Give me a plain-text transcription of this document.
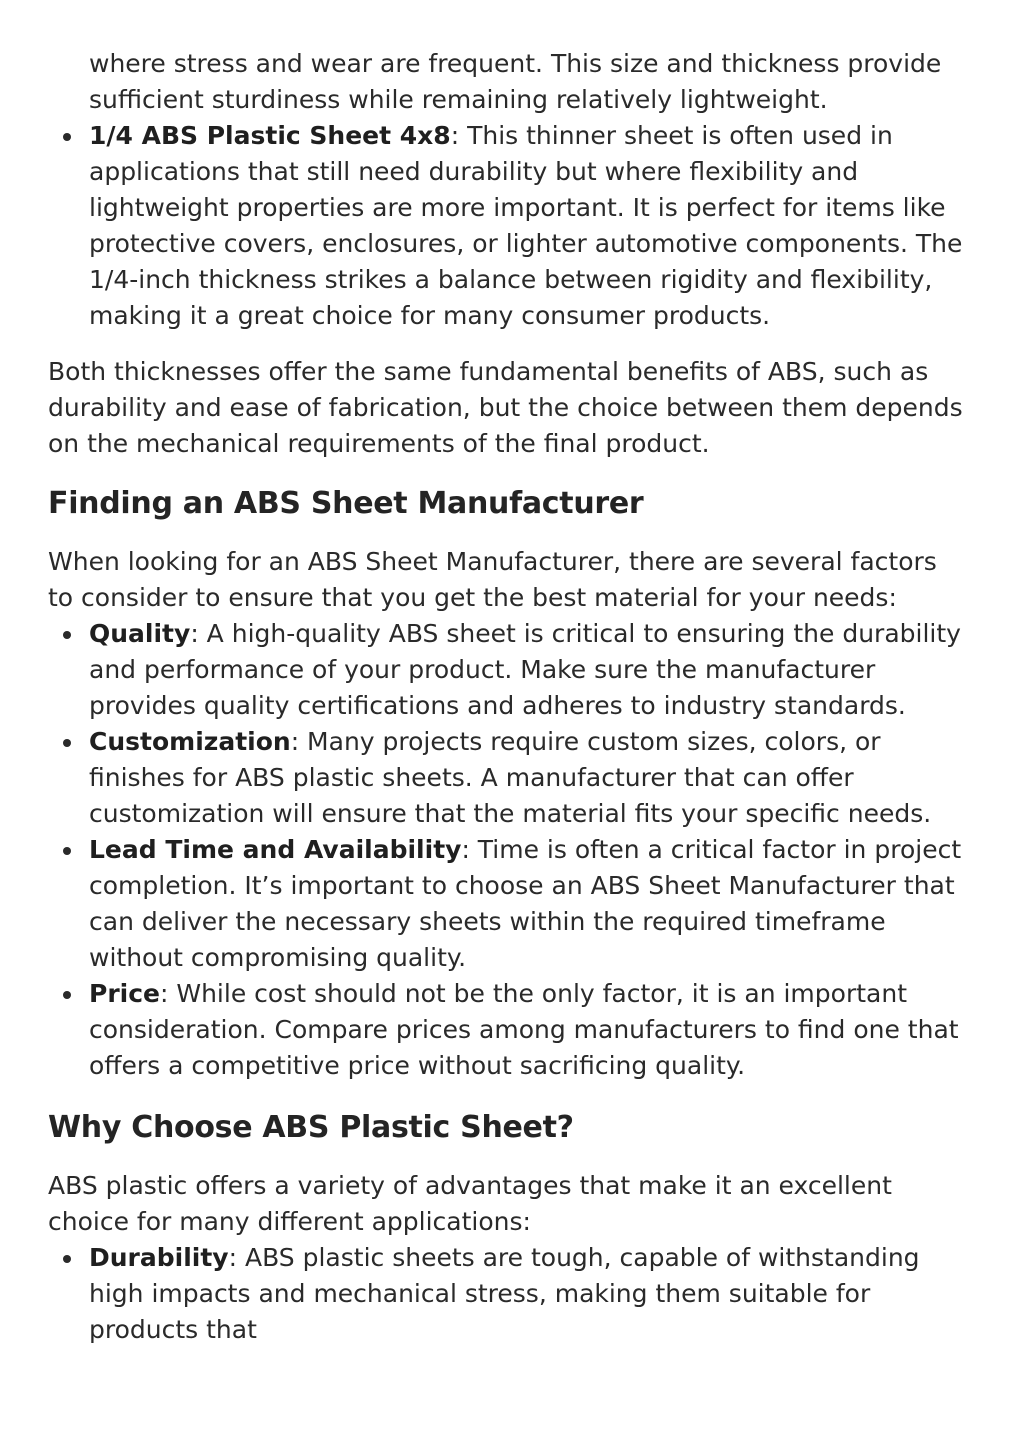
where stress and wear are frequent. This size and thickness provide sufficient sturdiness while remaining relatively lightweight.
1/4 ABS Plastic Sheet 4x8: This thinner sheet is often used in applications that still need durability but where flexibility and lightweight properties are more important. It is perfect for items like protective covers, enclosures, or lighter automotive components. The 1/4-inch thickness strikes a balance between rigidity and flexibility, making it a great choice for many consumer products.

Both thicknesses offer the same fundamental benefits of ABS, such as durability and ease of fabrication, but the choice between them depends on the mechanical requirements of the final product.

Finding an ABS Sheet Manufacturer

When looking for an ABS Sheet Manufacturer, there are several factors to consider to ensure that you get the best material for your needs:

Quality: A high-quality ABS sheet is critical to ensuring the durability and performance of your product. Make sure the manufacturer provides quality certifications and adheres to industry standards.
Customization: Many projects require custom sizes, colors, or finishes for ABS plastic sheets. A manufacturer that can offer customization will ensure that the material fits your specific needs.
Lead Time and Availability: Time is often a critical factor in project completion. It’s important to choose an ABS Sheet Manufacturer that can deliver the necessary sheets within the required timeframe without compromising quality.
Price: While cost should not be the only factor, it is an important consideration. Compare prices among manufacturers to find one that offers a competitive price without sacrificing quality.
Why Choose ABS Plastic Sheet?

ABS plastic offers a variety of advantages that make it an excellent choice for many different applications:

Durability: ABS plastic sheets are tough, capable of withstanding high impacts and mechanical stress, making them suitable for products that
